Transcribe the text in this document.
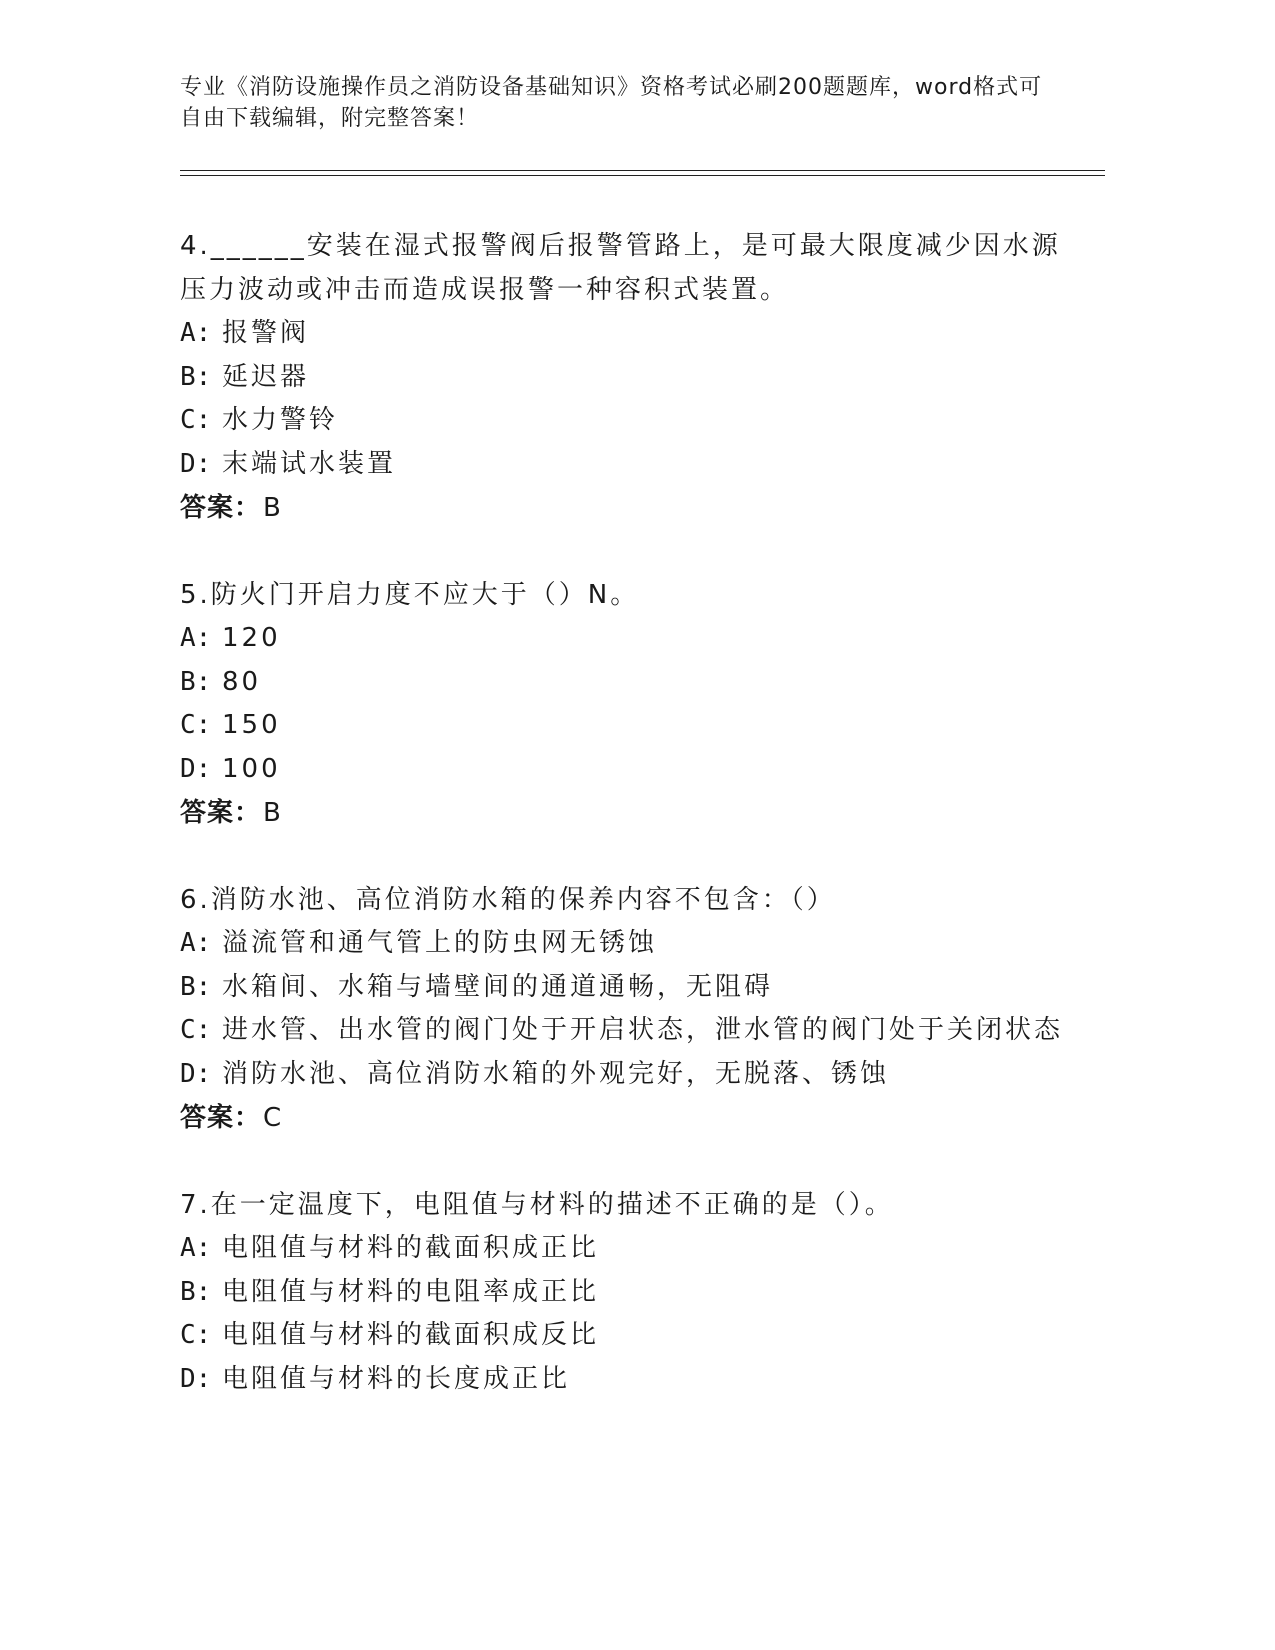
专业《消防设施操作员之消防设备基础知识》资格考试必刷200题题库，word格式可自由下载编辑，附完整答案！

4.______安装在湿式报警阀后报警管路上，是可最大限度减少因水源压力波动或冲击而造成误报警一种容积式装置。

A: 报警阀

B: 延迟器

C: 水力警铃

D: 末端试水装置

答案：B

5.防火门开启力度不应大于（）N。

A: 120

B: 80

C: 150

D: 100

答案：B

6.消防水池、高位消防水箱的保养内容不包含：（）

A: 溢流管和通气管上的防虫网无锈蚀

B: 水箱间、水箱与墙壁间的通道通畅，无阻碍

C: 进水管、出水管的阀门处于开启状态，泄水管的阀门处于关闭状态

D: 消防水池、高位消防水箱的外观完好，无脱落、锈蚀

答案：C

7.在一定温度下，电阻值与材料的描述不正确的是（）。

A: 电阻值与材料的截面积成正比

B: 电阻值与材料的电阻率成正比

C: 电阻值与材料的截面积成反比

D: 电阻值与材料的长度成正比
